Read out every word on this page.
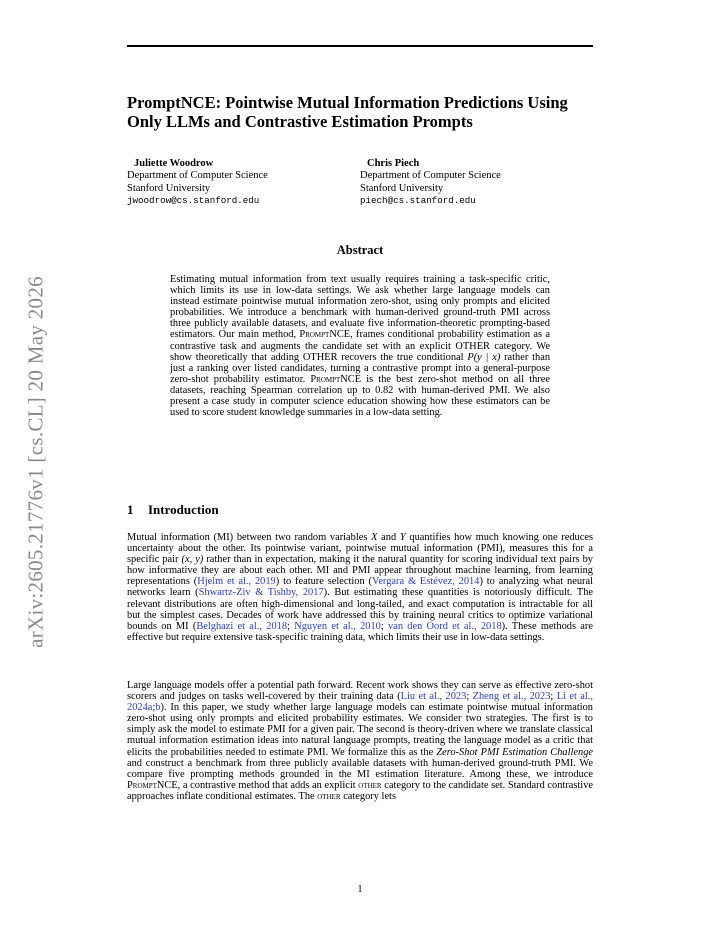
arXiv:2605.21776v1 [cs.CL] 20 May 2026
PromptNCE: Pointwise Mutual Information Predictions Using Only LLMs and Contrastive Estimation Prompts
Juliette Woodrow
Department of Computer Science
Stanford University
jwoodrow@cs.stanford.edu
Chris Piech
Department of Computer Science
Stanford University
piech@cs.stanford.edu
Abstract
Estimating mutual information from text usually requires training a task-specific critic, which limits its use in low-data settings. We ask whether large language models can instead estimate pointwise mutual information zero-shot, using only prompts and elicited probabilities. We introduce a benchmark with human-derived ground-truth PMI across three publicly available datasets, and evaluate five information-theoretic prompting-based estimators. Our main method, PromptNCE, frames conditional probability estimation as a contrastive task and augments the candidate set with an explicit OTHER category. We show theoretically that adding OTHER recovers the true conditional P(y | x) rather than just a ranking over listed candidates, turning a contrastive prompt into a general-purpose zero-shot probability estimator. PromptNCE is the best zero-shot method on all three datasets, reaching Spearman correlation up to 0.82 with human-derived PMI. We also present a case study in computer science education showing how these estimators can be used to score student knowledge summaries in a low-data setting.
1 Introduction
Mutual information (MI) between two random variables X and Y quantifies how much knowing one reduces uncertainty about the other. Its pointwise variant, pointwise mutual information (PMI), measures this for a specific pair (x, y) rather than in expectation, making it the natural quantity for scoring individual text pairs by how informative they are about each other. MI and PMI appear throughout machine learning, from learning representations (Hjelm et al., 2019) to feature selection (Vergara & Estévez, 2014) to analyzing what neural networks learn (Shwartz-Ziv & Tishby, 2017). But estimating these quantities is notoriously difficult. The relevant distributions are often high-dimensional and long-tailed, and exact computation is intractable for all but the simplest cases. Decades of work have addressed this by training neural critics to optimize variational bounds on MI (Belghazi et al., 2018; Nguyen et al., 2010; van den Oord et al., 2018). These methods are effective but require extensive task-specific training data, which limits their use in low-data settings.
Large language models offer a potential path forward. Recent work shows they can serve as effective zero-shot scorers and judges on tasks well-covered by their training data (Liu et al., 2023; Zheng et al., 2023; Li et al., 2024a;b). In this paper, we study whether large language models can estimate pointwise mutual information zero-shot using only prompts and elicited probability estimates. We consider two strategies. The first is to simply ask the model to estimate PMI for a given pair. The second is theory-driven where we translate classical mutual information estimation ideas into natural language prompts, treating the language model as a critic that elicits the probabilities needed to estimate PMI. We formalize this as the Zero-Shot PMI Estimation Challenge and construct a benchmark from three publicly available datasets with human-derived ground-truth PMI. We compare five prompting methods grounded in the MI estimation literature. Among these, we introduce PromptNCE, a contrastive method that adds an explicit other category to the candidate set. Standard contrastive approaches inflate conditional estimates. The other category lets
1
